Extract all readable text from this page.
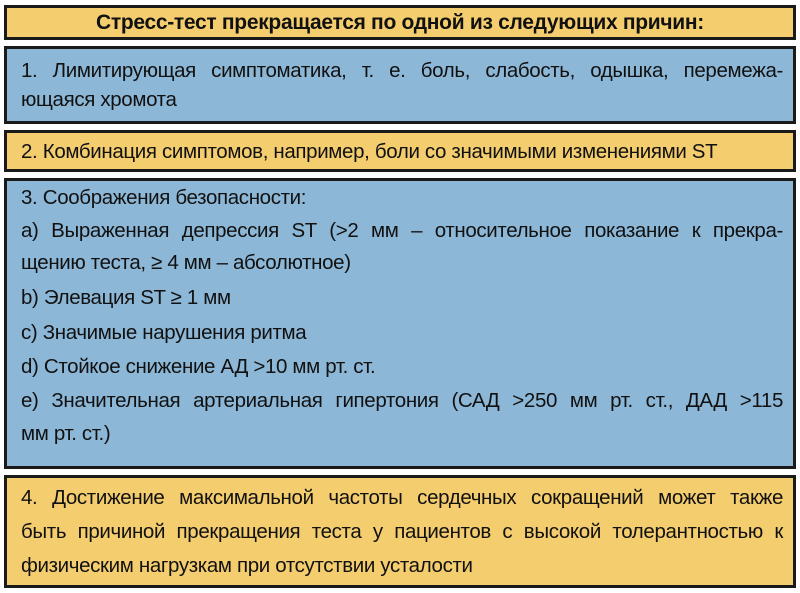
Стресс-тест прекращается по одной из следующих причин:
1. Лимитирующая симптоматика, т. е. боль, слабость, одышка, перемежа-
ющаяся хромота
2. Комбинация симптомов, например, боли со значимыми изменениями ST
3. Соображения безопасности:
a) Выраженная депрессия ST (>2 мм – относительное показание к прекра-
щению теста, ≥ 4 мм – абсолютное)
b) Элевация ST ≥ 1 мм
c) Значимые нарушения ритма
d) Стойкое снижение АД >10 мм рт. ст.
e) Значительная артериальная гипертония (САД >250 мм рт. ст., ДАД >115
мм рт. ст.)
4. Достижение максимальной частоты сердечных сокращений может также
быть причиной прекращения теста у пациентов с высокой толерантностью к
физическим нагрузкам при отсутствии усталости
